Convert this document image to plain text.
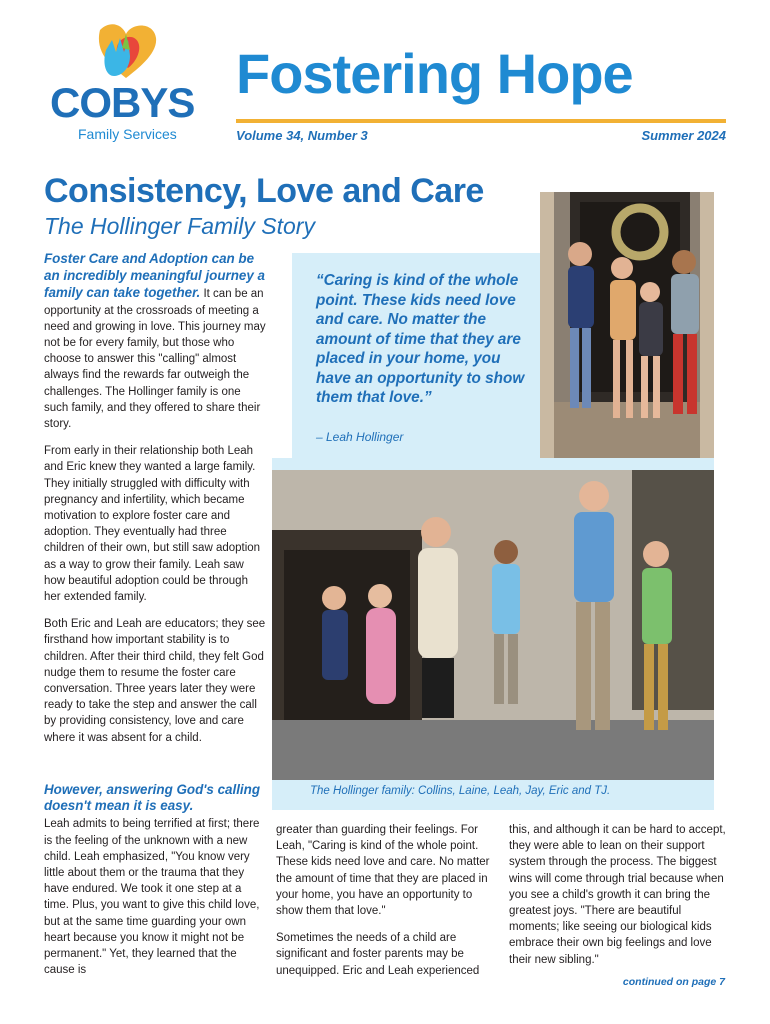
COBYS
Family Services
Fostering Hope
Volume 34, Number 3	Summer 2024
Consistency, Love and Care
The Hollinger Family Story

Foster Care and Adoption can be an incredibly meaningful journey a family can take together. It can be an opportunity at the crossroads of meeting a need and growing in love. This journey may not be for every family, but those who choose to answer this "calling" almost always find the rewards far outweigh the challenges. The Hollinger family is one such family, and they offered to share their story.

From early in their relationship both Leah and Eric knew they wanted a large family. They initially struggled with difficulty with pregnancy and infertility, which became motivation to explore foster care and adoption. They eventually had three children of their own, but still saw adoption as a way to grow their family. Leah saw how beautiful adoption could be through her extended family.

Both Eric and Leah are educators; they see firsthand how important stability is to children. After their third child, they felt God nudge them to resume the foster care conversation. Three years later they were ready to take the step and answer the call by providing consistency, love and care where it was absent for a child.

“Caring is kind of the whole point. These kids need love and care. No matter the amount of time that they are placed in your home, you have an opportunity to show them that love.”
– Leah Hollinger
The Hollinger family: Collins, Laine, Leah, Jay, Eric and TJ.
However, answering God's calling doesn't mean it is easy.

Leah admits to being terrified at first; there is the feeling of the unknown with a new child. Leah emphasized, "You know very little about them or the trauma that they have endured. We took it one step at a time. Plus, you want to give this child love, but at the same time guarding your own heart because you know it might not be permanent." Yet, they learned that the cause is

greater than guarding their feelings. For Leah, "Caring is kind of the whole point. These kids need love and care. No matter the amount of time that they are placed in your home, you have an opportunity to show them that love."

Sometimes the needs of a child are significant and foster parents may be unequipped. Eric and Leah experienced

this, and although it can be hard to accept, they were able to lean on their support system through the process. The biggest wins will come through trial because when you see a child's growth it can bring the greatest joys. "There are beautiful moments; like seeing our biological kids embrace their own big feelings and love their new sibling."

continued on page 7
